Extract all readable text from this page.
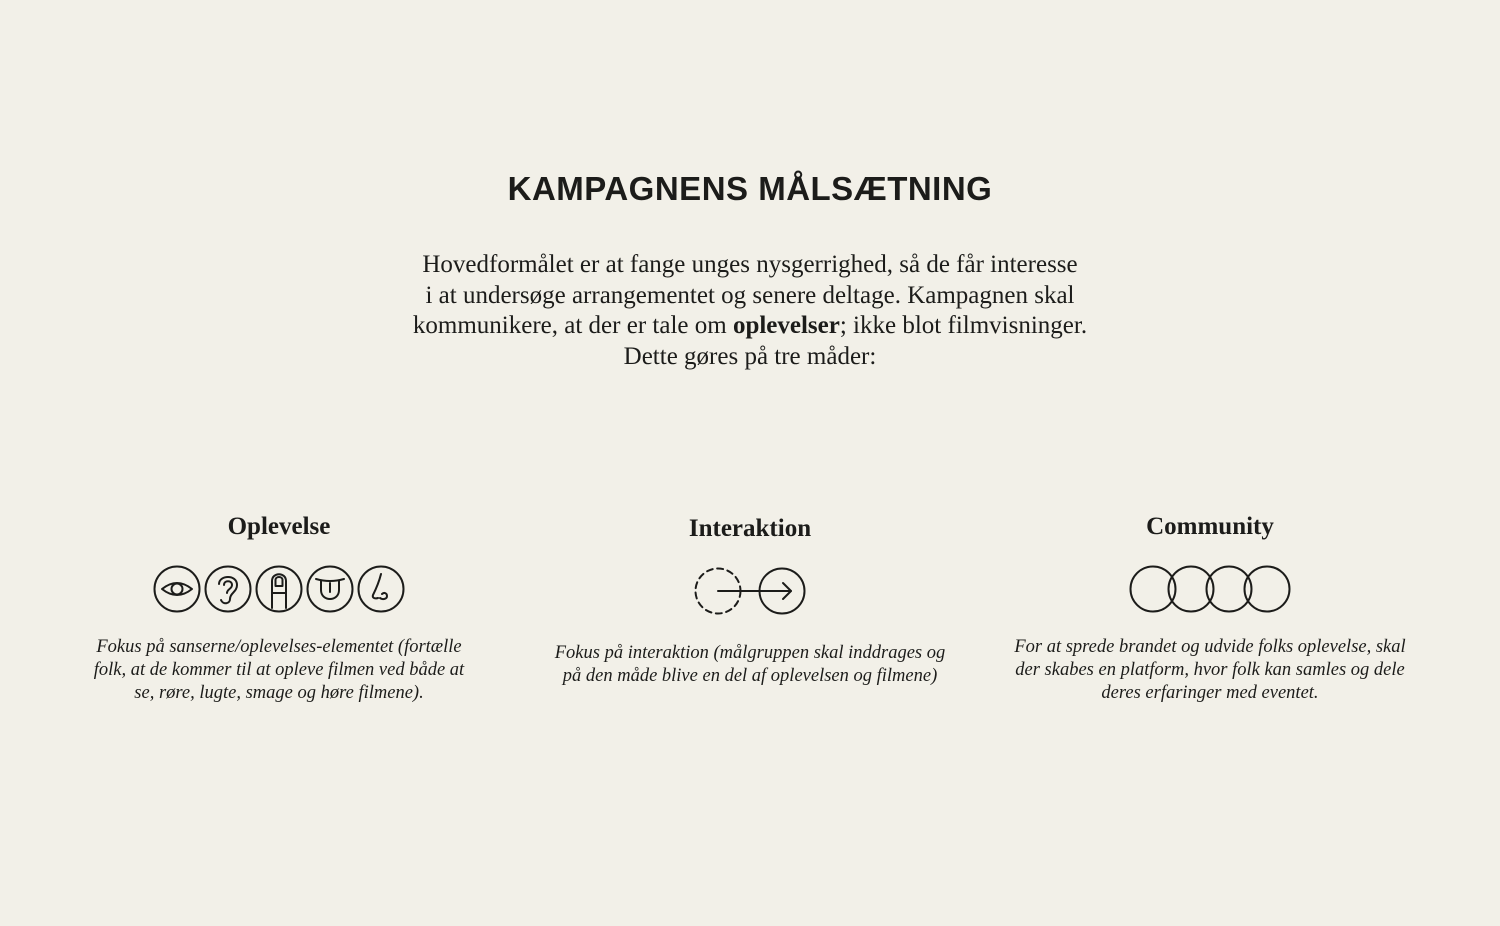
KAMPAGNENS MÅLSÆTNING

Hovedformålet er at fange unges nysgerrighed, så de får interesse
i at undersøge arrangementet og senere deltage. Kampagnen skal
kommunikere, at der er tale om oplevelser; ikke blot filmvisninger.
Dette gøres på tre måder:

Oplevelse

Fokus på sanserne/oplevelses-elementet (fortælle
folk, at de kommer til at opleve filmen ved både at
se, røre, lugte, smage og høre filmene).

Interaktion

Fokus på interaktion (målgruppen skal inddrages og
på den måde blive en del af oplevelsen og filmene)

Community

For at sprede brandet og udvide folks oplevelse, skal
der skabes en platform, hvor folk kan samles og dele
deres erfaringer med eventet.
